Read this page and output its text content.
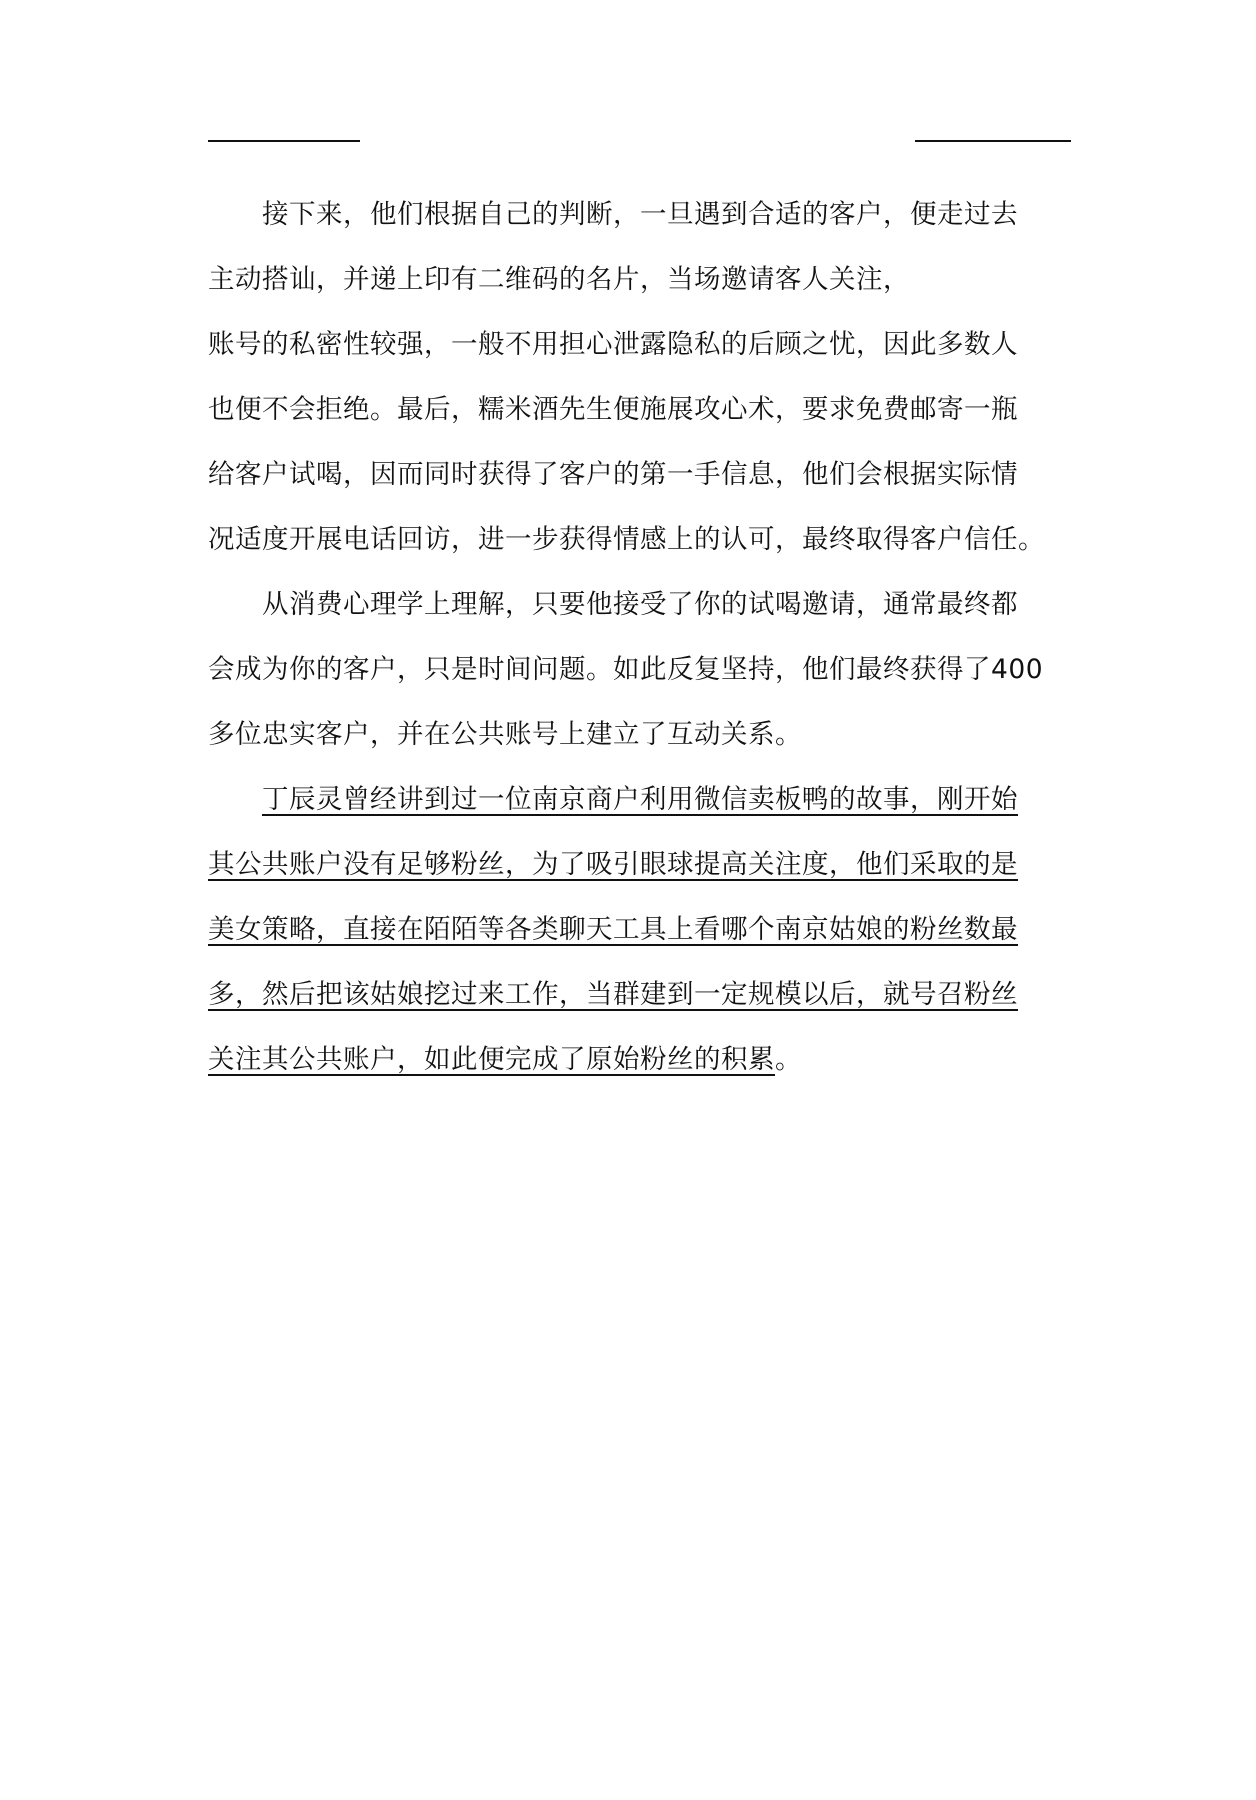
接下来，他们根据自己的判断，一旦遇到合适的客户，便走过去
主动搭讪，并递上印有二维码的名片，当场邀请客人关注，
账号的私密性较强，一般不用担心泄露隐私的后顾之忧，因此多数人
也便不会拒绝。最后，糯米酒先生便施展攻心术，要求免费邮寄一瓶
给客户试喝，因而同时获得了客户的第一手信息，他们会根据实际情
况适度开展电话回访，进一步获得情感上的认可，最终取得客户信任。
从消费心理学上理解，只要他接受了你的试喝邀请，通常最终都
会成为你的客户，只是时间问题。如此反复坚持，他们最终获得了400
多位忠实客户，并在公共账号上建立了互动关系。
丁辰灵曾经讲到过一位南京商户利用微信卖板鸭的故事，刚开始
其公共账户没有足够粉丝，为了吸引眼球提高关注度，他们采取的是
美女策略，直接在陌陌等各类聊天工具上看哪个南京姑娘的粉丝数最
多，然后把该姑娘挖过来工作，当群建到一定规模以后，就号召粉丝
关注其公共账户，如此便完成了原始粉丝的积累。
